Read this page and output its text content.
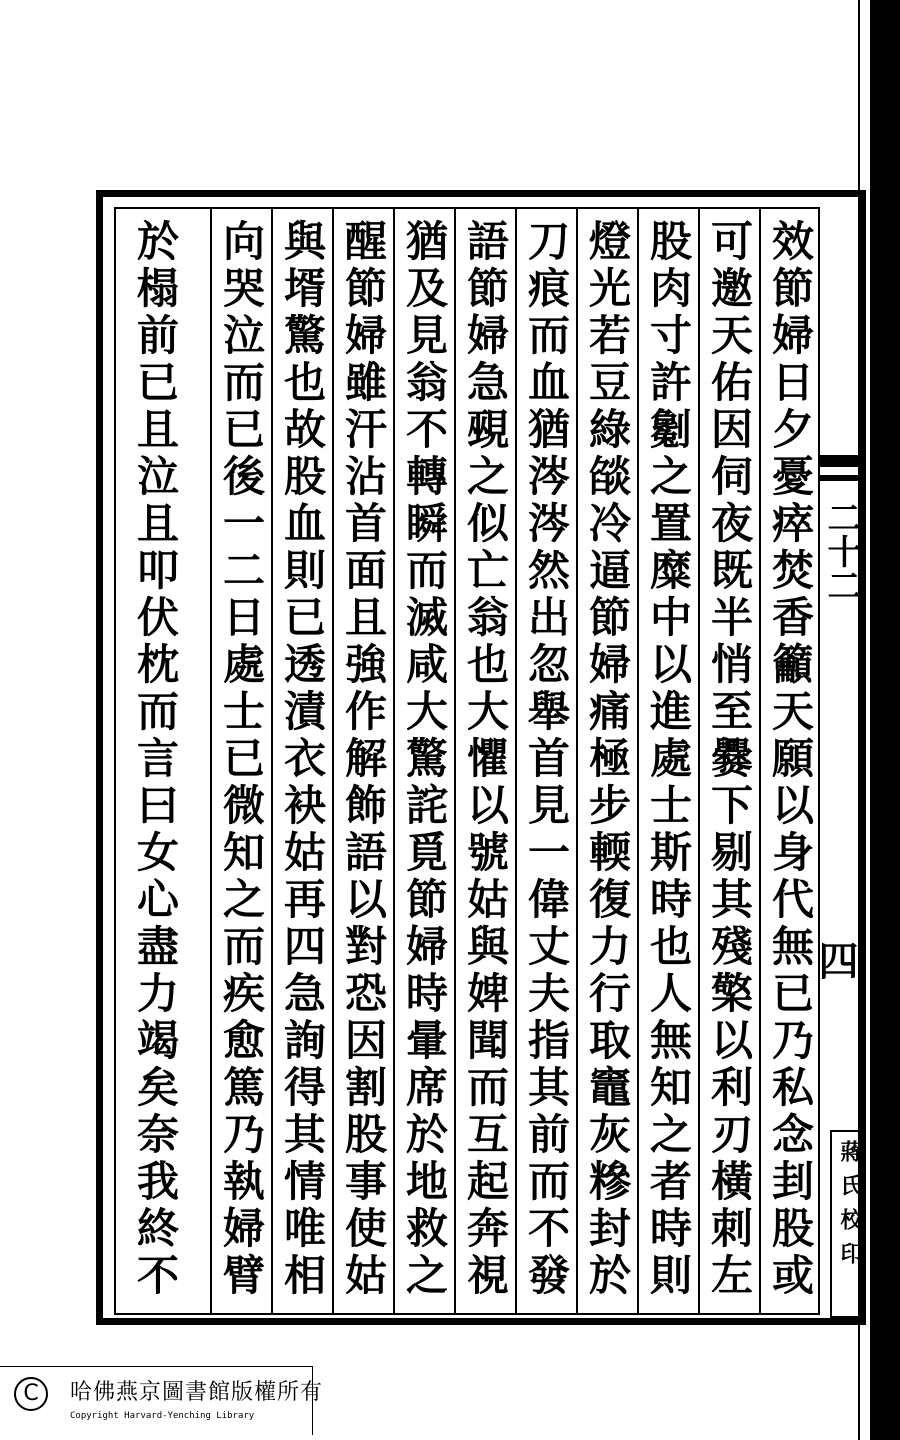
效節婦日夕憂瘁焚香籲天願以身代無已乃私念刲股或
可邀天佑因伺夜既半悄至爨下剔其殘檠以利刃橫刺左
股肉寸許劖之置糜中以進處士斯時也人無知之者時則
燈光若豆綠燄冷逼節婦痛極步輭復力行取竈灰糝封於
刀痕而血猶涔涔然出忽舉首見一偉丈夫指其前而不發
語節婦急覡之似亡翁也大懼以號姑與婢聞而互起奔視
猶及見翁不轉瞬而滅咸大驚詫覓節婦時暈席於地救之
醒節婦雖汗沾首面且強作解飾語以對恐因割股事使姑
與壻驚也故股血則已透漬衣袂姑再四急詢得其情唯相
向哭泣而已後一二日處士已微知之而疾愈篤乃執婦臂
於榻前已且泣且叩伏枕而言曰女心盡力竭矣奈我終不	二十二
四
蔣氏校印
C	哈佛燕京圖書館版權所有
Copyright Harvard-Yenching Library
